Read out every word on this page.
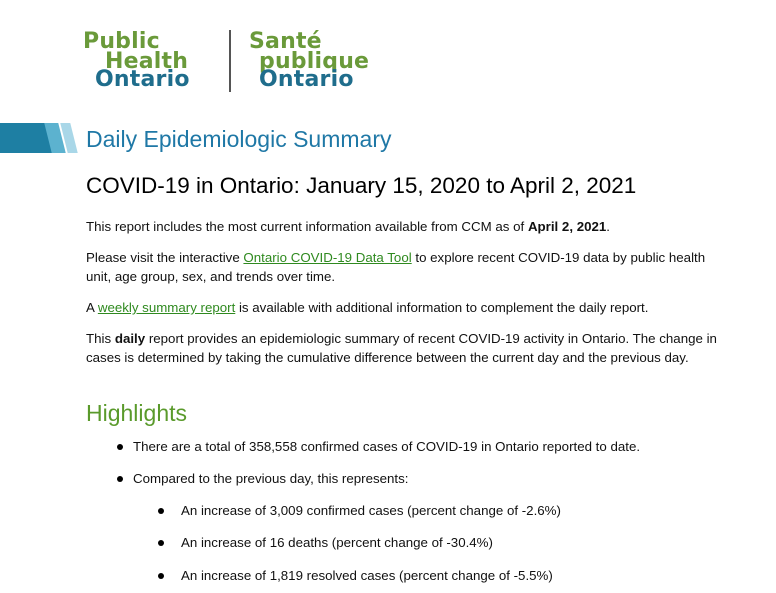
Public
Health
Ontario
Santé
publique
Ontario
Daily Epidemiologic Summary
COVID-19 in Ontario: January 15, 2020 to April 2, 2021
This report includes the most current information available from CCM as of April 2, 2021.
Please visit the interactive Ontario COVID-19 Data Tool to explore recent COVID-19 data by public health unit, age group, sex, and trends over time.
A weekly summary report is available with additional information to complement the daily report.
This daily report provides an epidemiologic summary of recent COVID-19 activity in Ontario. The change in cases is determined by taking the cumulative difference between the current day and the previous day.
Highlights
There are a total of 358,558 confirmed cases of COVID-19 in Ontario reported to date.
Compared to the previous day, this represents:
An increase of 3,009 confirmed cases (percent change of -2.6%)
An increase of 16 deaths (percent change of -30.4%)
An increase of 1,819 resolved cases (percent change of -5.5%)
